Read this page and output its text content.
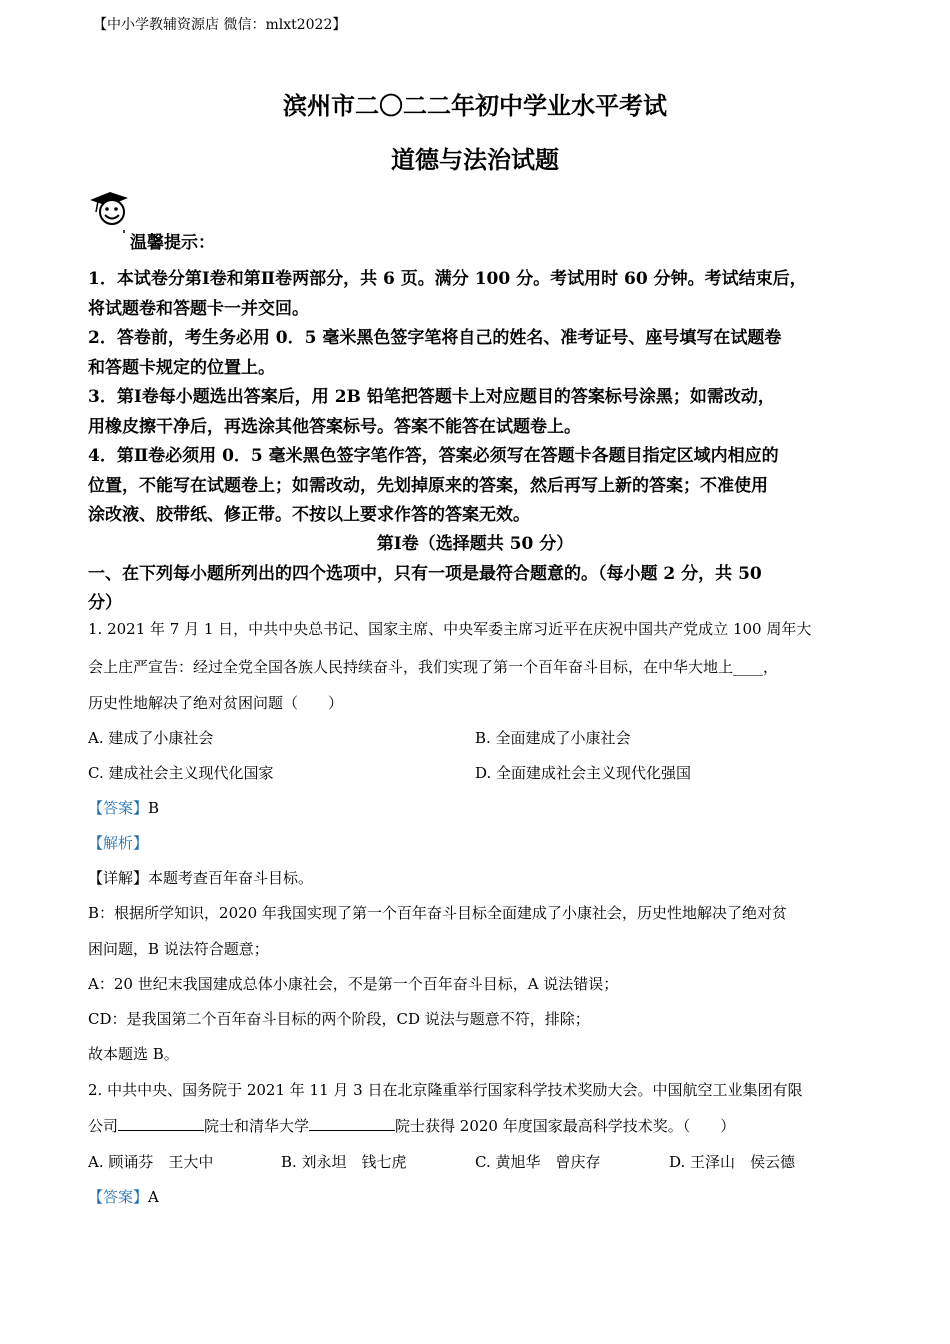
【中小学教辅资源店 微信：mlxt2022】
滨州市二〇二二年初中学业水平考试
道德与法治试题
温馨提示：
1．本试卷分第Ⅰ卷和第Ⅱ卷两部分，共 6 页。满分 100 分。考试用时 60 分钟。考试结束后，
将试题卷和答题卡一并交回。
2．答卷前，考生务必用 0．5 毫米黑色签字笔将自己的姓名、准考证号、座号填写在试题卷
和答题卡规定的位置上。
3．第Ⅰ卷每小题选出答案后，用 2B 铅笔把答题卡上对应题目的答案标号涂黑；如需改动，
用橡皮擦干净后，再选涂其他答案标号。答案不能答在试题卷上。
4．第Ⅱ卷必须用 0．5 毫米黑色签字笔作答，答案必须写在答题卡各题目指定区域内相应的
位置，不能写在试题卷上；如需改动，先划掉原来的答案，然后再写上新的答案；不准使用
涂改液、胶带纸、修正带。不按以上要求作答的答案无效。
第Ⅰ卷（选择题共 50 分）
一、在下列每小题所列出的四个选项中，只有一项是最符合题意的。（每小题 2 分，共 50
分）
1. 2021 年 7 月 1 日，中共中央总书记、国家主席、中央军委主席习近平在庆祝中国共产党成立 100 周年大
会上庄严宣告：经过全党全国各族人民持续奋斗，我们实现了第一个百年奋斗目标，在中华大地上____，
历史性地解决了绝对贫困问题（　　）
A. 建成了小康社会	B. 全面建成了小康社会
C. 建成社会主义现代化国家	D. 全面建成社会主义现代化强国
【答案】B
【解析】
【详解】本题考查百年奋斗目标。
B：根据所学知识，2020 年我国实现了第一个百年奋斗目标全面建成了小康社会，历史性地解决了绝对贫
困问题，B 说法符合题意；
A：20 世纪末我国建成总体小康社会，不是第一个百年奋斗目标，A 说法错误；
CD：是我国第二个百年奋斗目标的两个阶段，CD 说法与题意不符，排除；
故本题选 B。
2. 中共中央、国务院于 2021 年 11 月 3 日在北京隆重举行国家科学技术奖励大会。中国航空工业集团有限
公司	院士和清华大学	院士获得 2020 年度国家最高科学技术奖。（　　）
A. 顾诵芬　王大中	B. 刘永坦　钱七虎	C. 黄旭华　曾庆存	D. 王泽山　侯云德
【答案】A
